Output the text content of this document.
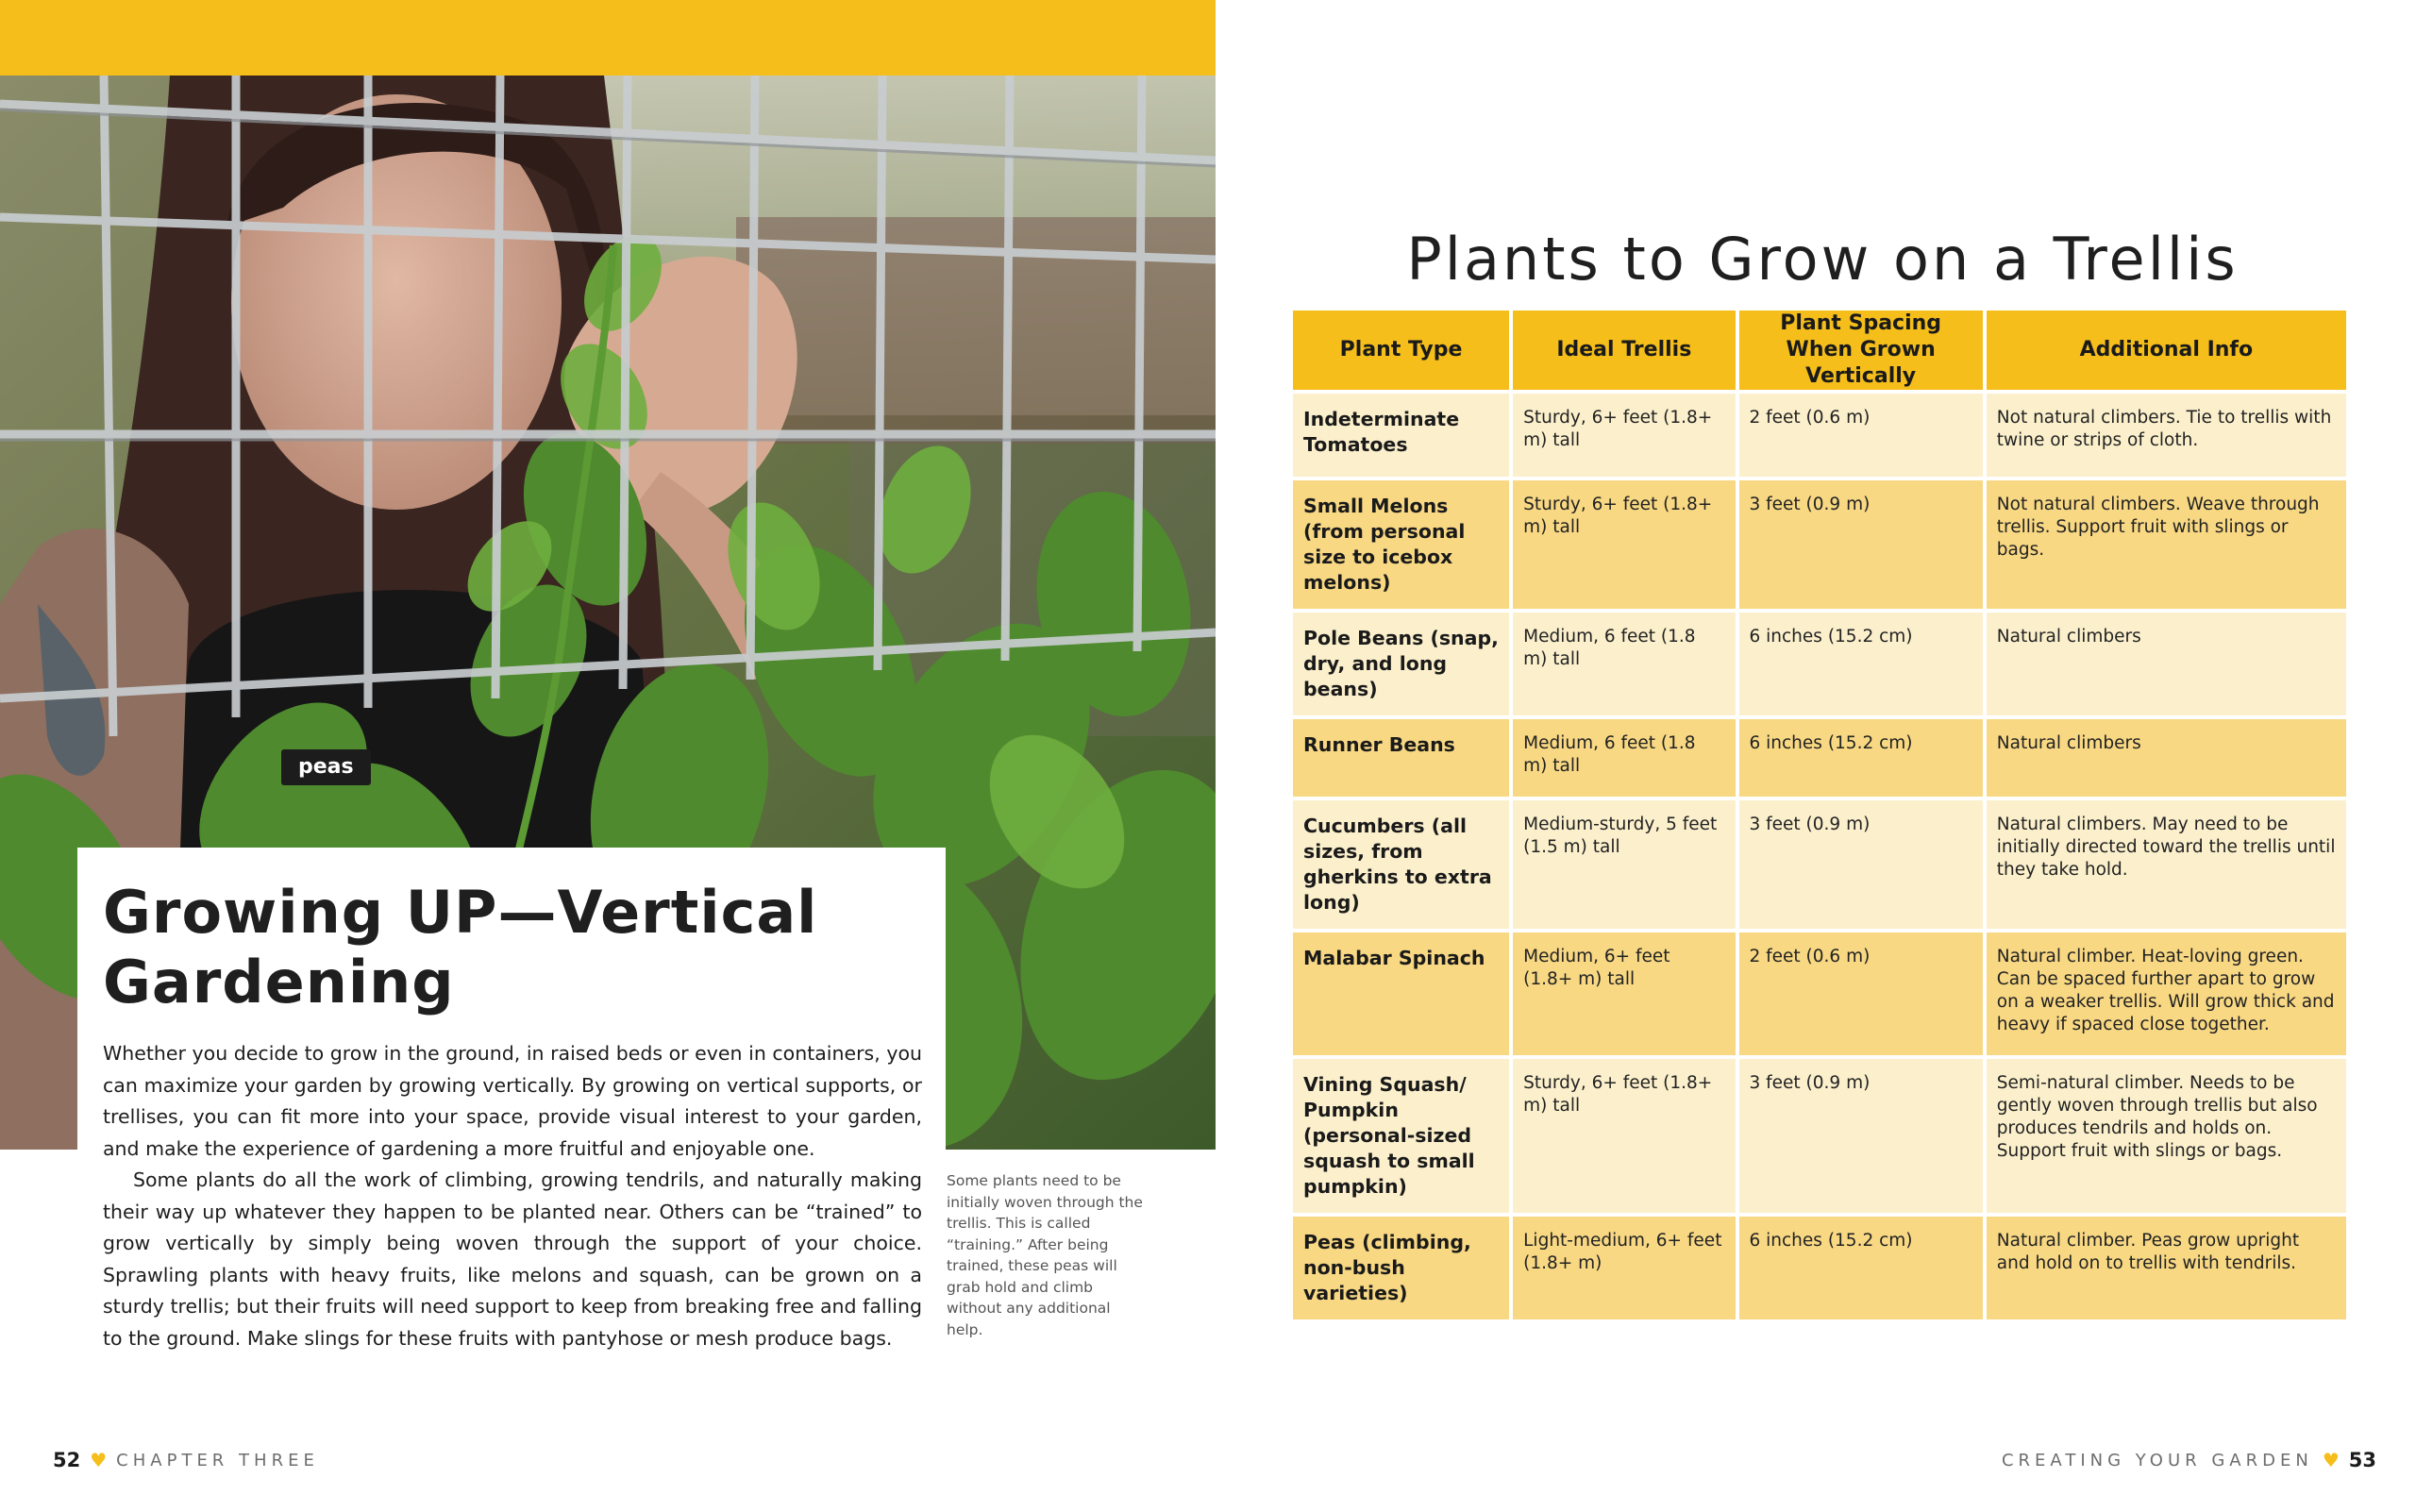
peas
Growing UP—Vertical Gardening

Whether you decide to grow in the ground, in raised beds or even in containers, you can maximize your garden by growing vertically. By growing on vertical supports, or trellises, you can fit more into your space, provide visual interest to your garden, and make the experience of gardening a more fruitful and enjoyable one.

Some plants do all the work of climbing, growing tendrils, and naturally making their way up whatever they happen to be planted near. Others can be “trained” to grow vertically by simply being woven through the support of your choice. Sprawling plants with heavy fruits, like melons and squash, can be grown on a sturdy trellis; but their fruits will need support to keep from breaking free and falling to the ground. Make slings for these fruits with pantyhose or mesh produce bags.

Some plants need to be initially woven through the trellis. This is called “training.” After being trained, these peas will grab hold and climb without any additional help.
52 ♥ CHAPTER THREE
Plants to Grow on a Trellis
Plant Type	Ideal Trellis	Plant Spacing When Grown Vertically	Additional Info
Indeterminate Tomatoes	Sturdy, 6+ feet (1.8+ m) tall	2 feet (0.6 m)	Not natural climbers. Tie to trellis with twine or strips of cloth.
Small Melons (from personal size to icebox melons)	Sturdy, 6+ feet (1.8+ m) tall	3 feet (0.9 m)	Not natural climbers. Weave through trellis. Support fruit with slings or bags.
Pole Beans (snap, dry, and long beans)	Medium, 6 feet (1.8 m) tall	6 inches (15.2 cm)	Natural climbers
Runner Beans	Medium, 6 feet (1.8 m) tall	6 inches (15.2 cm)	Natural climbers
Cucumbers (all sizes, from gherkins to extra long)	Medium-sturdy, 5 feet (1.5 m) tall	3 feet (0.9 m)	Natural climbers. May need to be initially directed toward the trellis until they take hold.
Malabar Spinach	Medium, 6+ feet (1.8+ m) tall	2 feet (0.6 m)	Natural climber. Heat-loving green. Can be spaced further apart to grow on a weaker trellis. Will grow thick and heavy if spaced close together.
Vining Squash/ Pumpkin (personal-sized squash to small pumpkin)	Sturdy, 6+ feet (1.8+ m) tall	3 feet (0.9 m)	Semi-natural climber. Needs to be gently woven through trellis but also produces tendrils and holds on. Support fruit with slings or bags.
Peas (climbing, non-bush varieties)	Light-medium, 6+ feet (1.8+ m)	6 inches (15.2 cm)	Natural climber. Peas grow upright and hold on to trellis with tendrils.
CREATING YOUR GARDEN ♥ 53
